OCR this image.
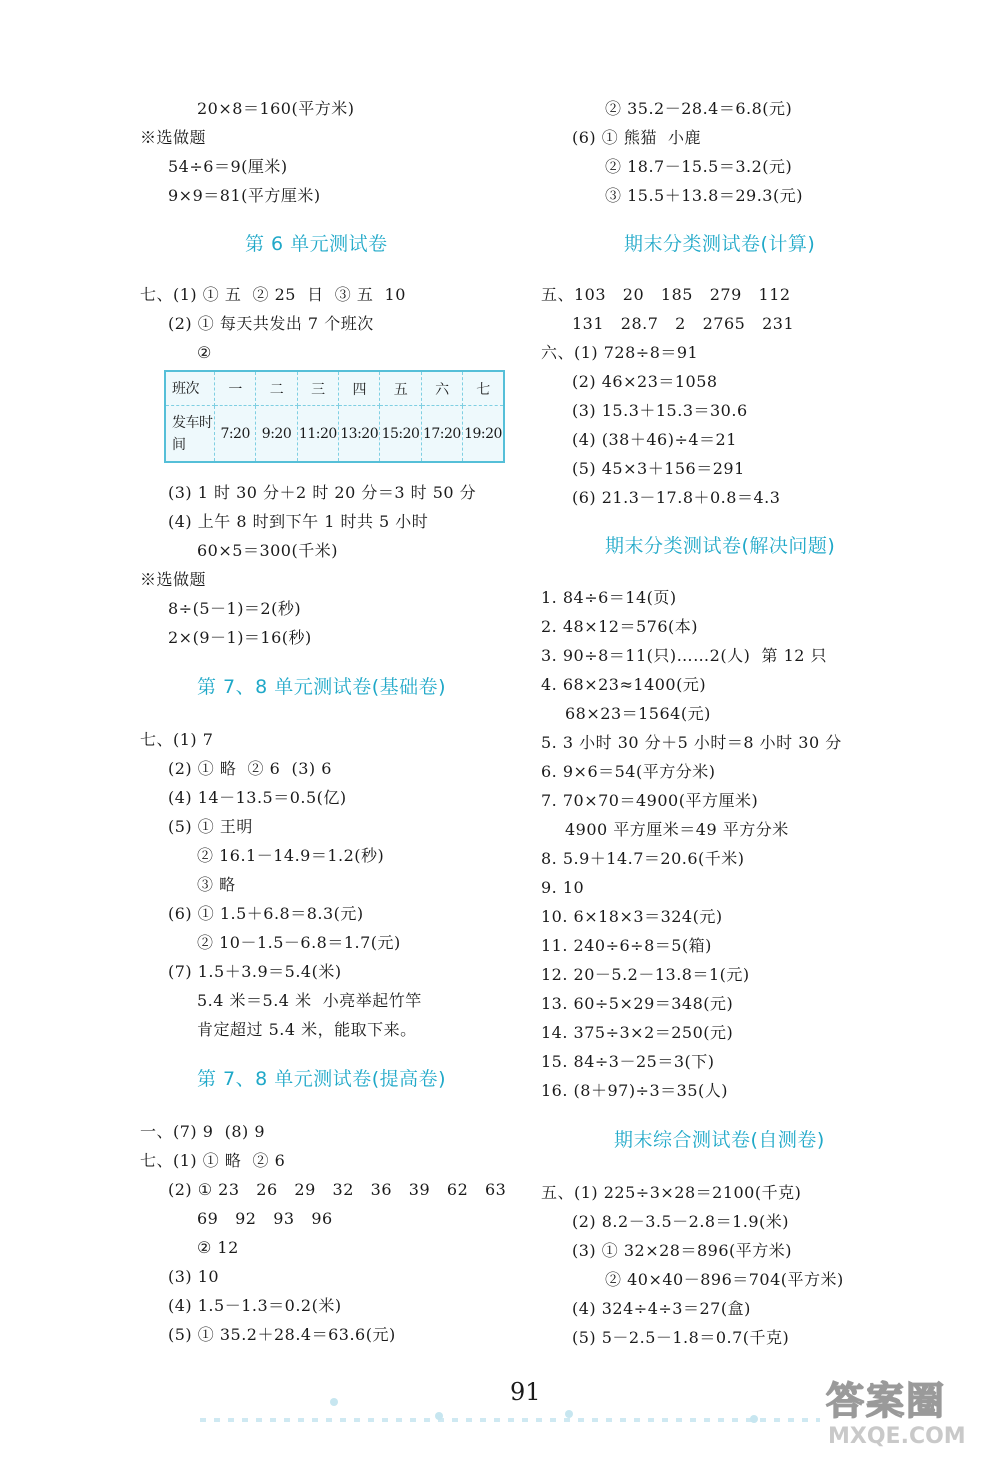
20×8＝160(平方米)
※选做题
54÷6＝9(厘米)
9×9＝81(平方厘米)
第 6 单元测试卷
七、(1) ① 五  ② 25  日  ③ 五  10
(2) ① 每天共发出 7 个班次
②
(3) 1 时 30 分＋2 时 20 分＝3 时 50 分
(4) 上午 8 时到下午 1 时共 5 小时
60×5＝300(千米)
※选做题
8÷(5－1)＝2(秒)
2×(9－1)＝16(秒)
第 7、8 单元测试卷(基础卷)
七、(1) 7
(2) ① 略  ② 6  (3) 6
(4) 14－13.5＝0.5(亿)
(5) ① 王明
② 16.1－14.9＝1.2(秒)
③ 略
(6) ① 1.5＋6.8＝8.3(元)
② 10－1.5－6.8＝1.7(元)
(7) 1.5＋3.9＝5.4(米)
5.4 米＝5.4 米  小亮举起竹竿
肯定超过 5.4 米，能取下来。
第 7、8 单元测试卷(提高卷)
一、(7) 9  (8) 9
七、(1) ① 略  ② 6
(2) ① 23   26   29   32   36   39   62   63
69   92   93   96
② 12
(3) 10
(4) 1.5－1.3＝0.2(米)
(5) ① 35.2＋28.4＝63.6(元)
② 35.2－28.4＝6.8(元)
(6) ① 熊猫  小鹿
② 18.7－15.5＝3.2(元)
③ 15.5＋13.8＝29.3(元)
期末分类测试卷(计算)
五、103   20   185   279   112
131   28.7   2   2765   231
六、(1) 728÷8＝91
(2) 46×23＝1058
(3) 15.3＋15.3＝30.6
(4) (38＋46)÷4＝21
(5) 45×3＋156＝291
(6) 21.3－17.8＋0.8＝4.3
期末分类测试卷(解决问题)
1. 84÷6＝14(页)
2. 48×12＝576(本)
3. 90÷8＝11(只)……2(人)  第 12 只
4. 68×23≈1400(元)
68×23＝1564(元)
5. 3 小时 30 分＋5 小时＝8 小时 30 分
6. 9×6＝54(平方分米)
7. 70×70＝4900(平方厘米)
4900 平方厘米＝49 平方分米
8. 5.9＋14.7＝20.6(千米)
9. 10
10. 6×18×3＝324(元)
11. 240÷6÷8＝5(箱)
12. 20－5.2－13.8＝1(元)
13. 60÷5×29＝348(元)
14. 375÷3×2＝250(元)
15. 84÷3－25＝3(下)
16. (8＋97)÷3＝35(人)
期末综合测试卷(自测卷)
五、(1) 225÷3×28＝2100(千克)
(2) 8.2－3.5－2.8＝1.9(米)
(3) ① 32×28＝896(平方米)
② 40×40－896＝704(平方米)
(4) 324÷4÷3＝27(盒)
(5) 5－2.5－1.8＝0.7(千克)
班次	一	二	三	四	五	六	七
发车时间	7:20	9:20	11:20	13:20	15:20	17:20	19:20
91	答案圈
MXQE.COM
